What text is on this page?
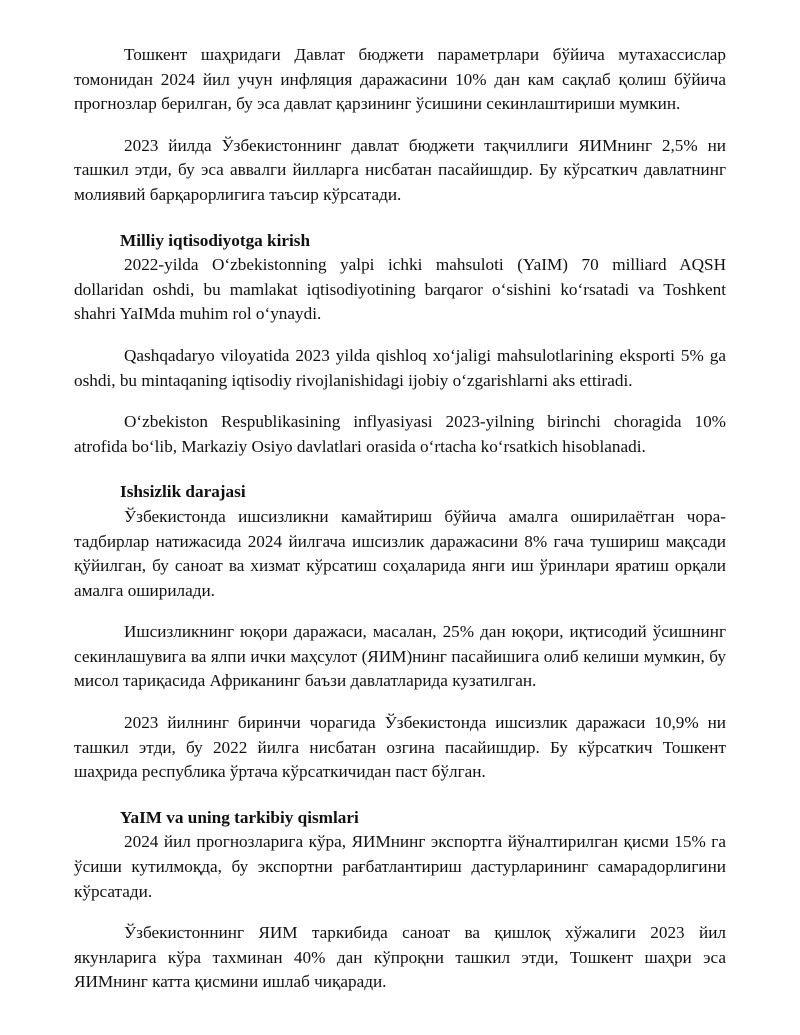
Тошкент шаҳридаги Давлат бюджети параметрлари бўйича мутахассислар томонидан 2024 йил учун инфляция даражасини 10% дан кам сақлаб қолиш бўйича прогнозлар берилган, бу эса давлат қарзининг ўсишини секинлаштириши мумкин.

2023 йилда Ўзбекистоннинг давлат бюджети тақчиллиги ЯИМнинг 2,5% ни ташкил этди, бу эса аввалги йилларга нисбатан пасайишдир. Бу кўрсаткич давлатнинг молиявий барқарорлигига таъсир кўрсатади.

Milliy iqtisodiyotga kirish

2022-yilda Oʻzbekistonning yalpi ichki mahsuloti (YaIM) 70 milliard AQSH dollaridan oshdi, bu mamlakat iqtisodiyotining barqaror oʻsishini koʻrsatadi va Toshkent shahri YaIMda muhim rol oʻynaydi.

Qashqadaryo viloyatida 2023 yilda qishloq xoʻjaligi mahsulotlarining eksporti 5% ga oshdi, bu mintaqaning iqtisodiy rivojlanishidagi ijobiy oʻzgarishlarni aks ettiradi.

Oʻzbekiston Respublikasining inflyasiyasi 2023-yilning birinchi choragida 10% atrofida boʻlib, Markaziy Osiyo davlatlari orasida oʻrtacha koʻrsatkich hisoblanadi.

Ishsizlik darajasi

Ўзбекистонда ишсизликни камайтириш бўйича амалга оширилаётган чора-тадбирлар натижасида 2024 йилгача ишсизлик даражасини 8% гача тушириш мақсади қўйилган, бу саноат ва хизмат кўрсатиш соҳаларида янги иш ўринлари яратиш орқали амалга оширилади.

Ишсизликнинг юқори даражаси, масалан, 25% дан юқори, иқтисодий ўсишнинг секинлашувига ва ялпи ички маҳсулот (ЯИМ)нинг пасайишига олиб келиши мумкин, бу мисол тариқасида Африканинг баъзи давлатларида кузатилган.

2023 йилнинг биринчи чорагида Ўзбекистонда ишсизлик даражаси 10,9% ни ташкил этди, бу 2022 йилга нисбатан озгина пасайишдир. Бу кўрсаткич Тошкент шаҳрида республика ўртача кўрсаткичидан паст бўлган.

YaIM va uning tarkibiy qismlari

2024 йил прогнозларига кўра, ЯИМнинг экспортга йўналтирилган қисми 15% га ўсиши кутилмоқда, бу экспортни рағбатлантириш дастурларининг самарадорлигини кўрсатади.

Ўзбекистоннинг ЯИМ таркибида саноат ва қишлоқ хўжалиги 2023 йил якунларига кўра тахминан 40% дан кўпроқни ташкил этди, Тошкент шаҳри эса ЯИМнинг катта қисмини ишлаб чиқаради.
